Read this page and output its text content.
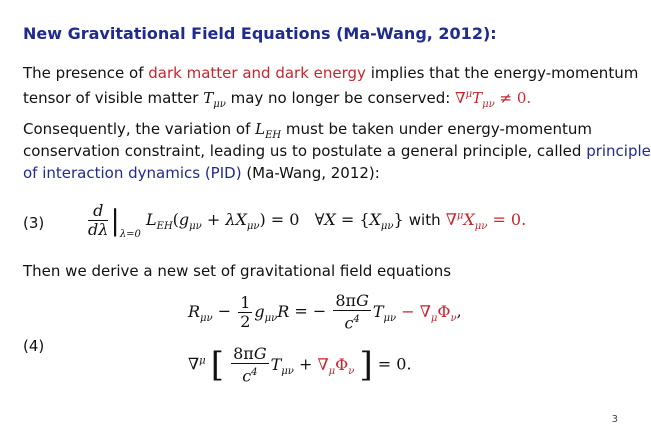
New Gravitational Field Equations (Ma-Wang, 2012):
The presence of dark matter and dark energy implies that the energy-momentum
tensor of visible matter $T_{\mu\nu}$ may no longer be conserved: $\nabla^\mu T_{\mu\nu} \ne 0$.
Consequently, the variation of $L_{EH}$ must be taken under energy-momentum
conservation constraint, leading us to postulate a general principle, called principle
of interaction dynamics (PID) (Ma-Wang, 2012):
(3)	$\frac{d}{d\lambda} |_{\lambda=0}$ $L_{EH}(g_{\mu\nu} + \lambda X_{\mu\nu}) = 0$ ∀X = $\{X_{\mu\nu}\}$ with $\nabla^\mu X_{\mu\nu} = 0$.
Then we derive a new set of gravitational field equations
(4)
$R_{\mu\nu} - \frac{1}{2} g_{\mu\nu}R$ = − $\frac{8\pi G}{c^4} T_{\mu\nu} - \nabla_\mu\Phi_\nu$,
∇$^\mu$ [ $\frac{8\pi G}{c^4} T_{\mu\nu} + \nabla_\mu\Phi_\nu$ ] = 0.
3
